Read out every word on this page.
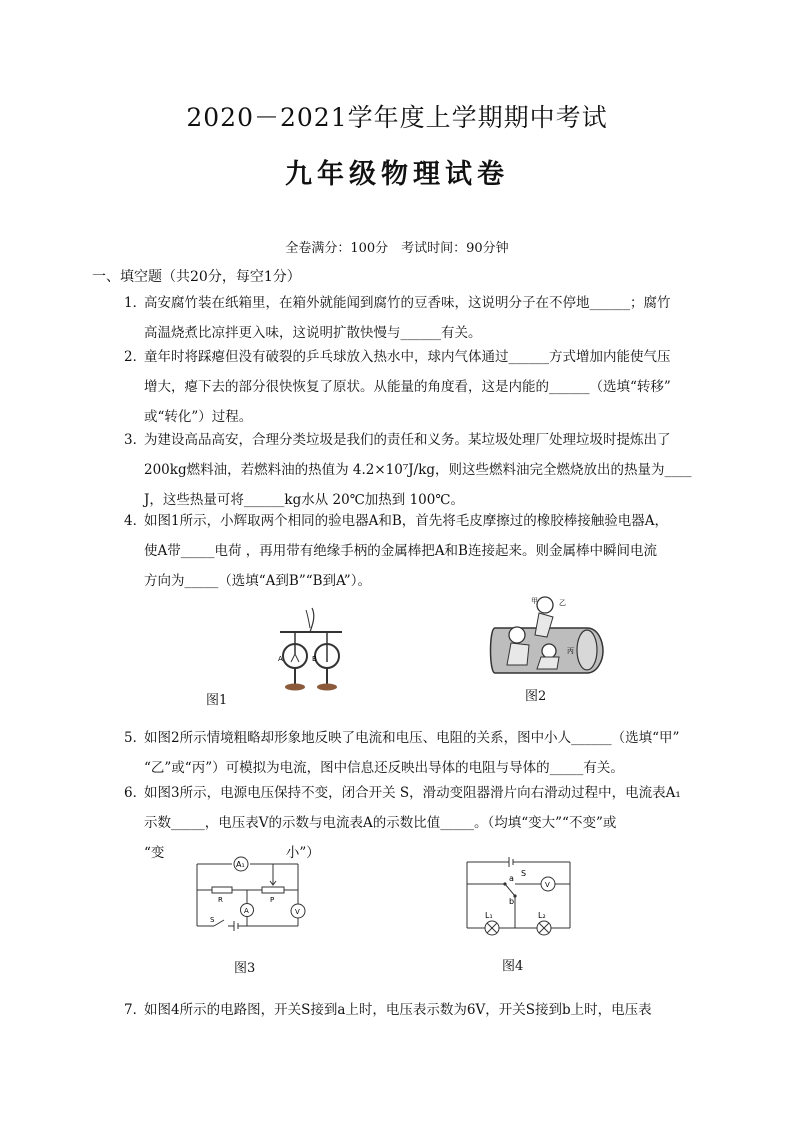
2020－2021学年度上学期期中考试
九年级物理试卷
全卷满分：100分　考试时间：90分钟
一、填空题（共20分，每空1分）
1．
高安腐竹装在纸箱里，在箱外就能闻到腐竹的豆香味，这说明分子在不停地______；腐竹
高温烧煮比凉拌更入味，这说明扩散快慢与______有关。
2．
童年时将踩瘪但没有破裂的乒乓球放入热水中，球内气体通过______方式增加内能使气压
增大，瘪下去的部分很快恢复了原状。从能量的角度看，这是内能的______（选填“转移”
或“转化”）过程。
3．
为建设高品高安，合理分类垃圾是我们的责任和义务。某垃圾处理厂处理垃圾时提炼出了
200kg燃料油，若燃料油的热值为 4.2×10⁷J/kg，则这些燃料油完全燃烧放出的热量为____
J，这些热量可将______kg水从 20℃加热到 100℃。
4．
如图1所示，小辉取两个相同的验电器A和B，首先将毛皮摩擦过的橡胶棒接触验电器A，
使A带_____电荷 ，再用带有绝缘手柄的金属棒把A和B连接起来。则金属棒中瞬间电流
方向为_____（选填“A到B”“B到A”）。
A	B
图1
甲	乙
丙
图2
5．
如图2所示情境粗略却形象地反映了电流和电压、电阻的关系，图中小人______（选填“甲”
“乙”或“丙”）可模拟为电流，图中信息还反映出导体的电阻与导体的_____有关。
6．
如图3所示，电源电压保持不变，闭合开关 S，滑动变阻器滑片向右滑动过程中，电流表A₁
示数_____，电压表V的示数与电流表A的示数比值_____。（均填“变大”“不变”或
“变　　　　　　　　　小”）
A₁
R	P
A	V
S
图3
a
S
b
V
L₁	L₂
图4
7．
如图4所示的电路图，开关S接到a上时，电压表示数为6V，开关S接到b上时，电压表
